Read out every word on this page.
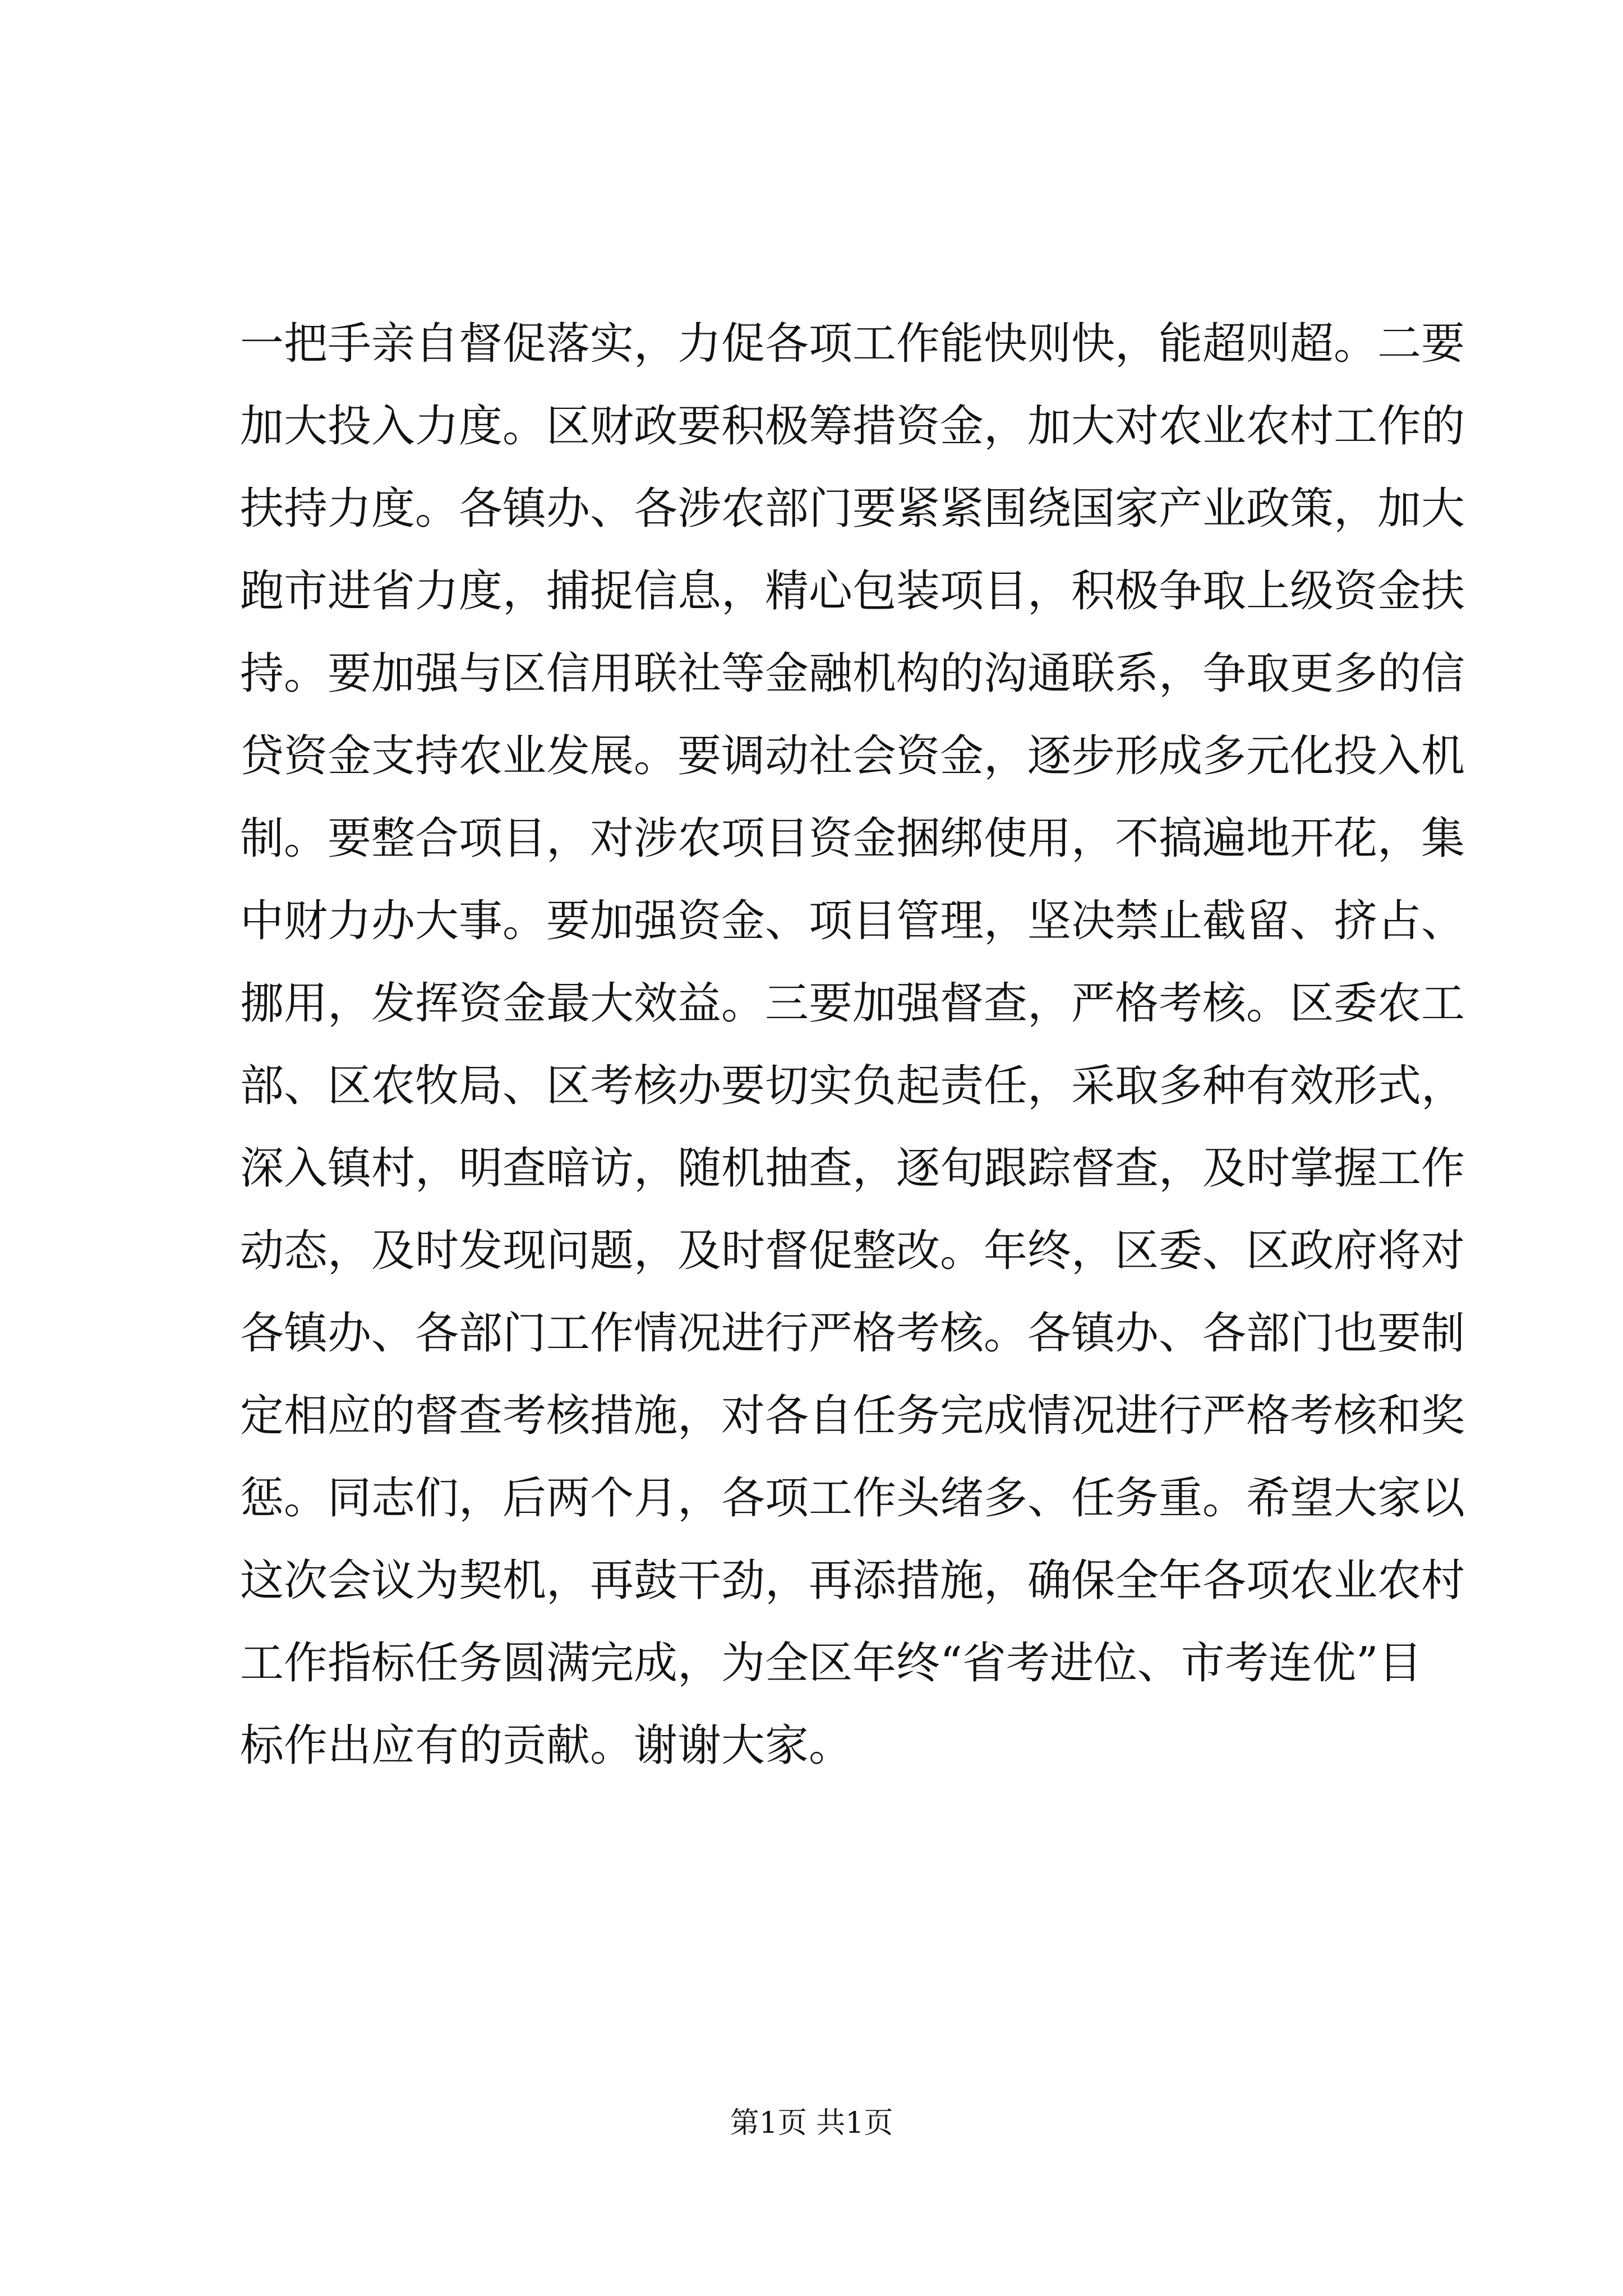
一把手亲自督促落实，力促各项工作能快则快，能超则超。二要
加大投入力度。区财政要积极筹措资金，加大对农业农村工作的
扶持力度。各镇办、各涉农部门要紧紧围绕国家产业政策，加大
跑市进省力度，捕捉信息，精心包装项目，积极争取上级资金扶
持。要加强与区信用联社等金融机构的沟通联系，争取更多的信
贷资金支持农业发展。要调动社会资金，逐步形成多元化投入机
制。要整合项目，对涉农项目资金捆绑使用，不搞遍地开花，集
中财力办大事。要加强资金、项目管理，坚决禁止截留、挤占、
挪用，发挥资金最大效益。三要加强督查，严格考核。区委农工
部、区农牧局、区考核办要切实负起责任，采取多种有效形式，
深入镇村，明查暗访，随机抽查，逐旬跟踪督查，及时掌握工作
动态，及时发现问题，及时督促整改。年终，区委、区政府将对
各镇办、各部门工作情况进行严格考核。各镇办、各部门也要制
定相应的督查考核措施，对各自任务完成情况进行严格考核和奖
惩。同志们，后两个月，各项工作头绪多、任务重。希望大家以
这次会议为契机，再鼓干劲，再添措施，确保全年各项农业农村
工作指标任务圆满完成，为全区年终“省考进位、市考连优”目
标作出应有的贡献。谢谢大家。
第1页 共1页
